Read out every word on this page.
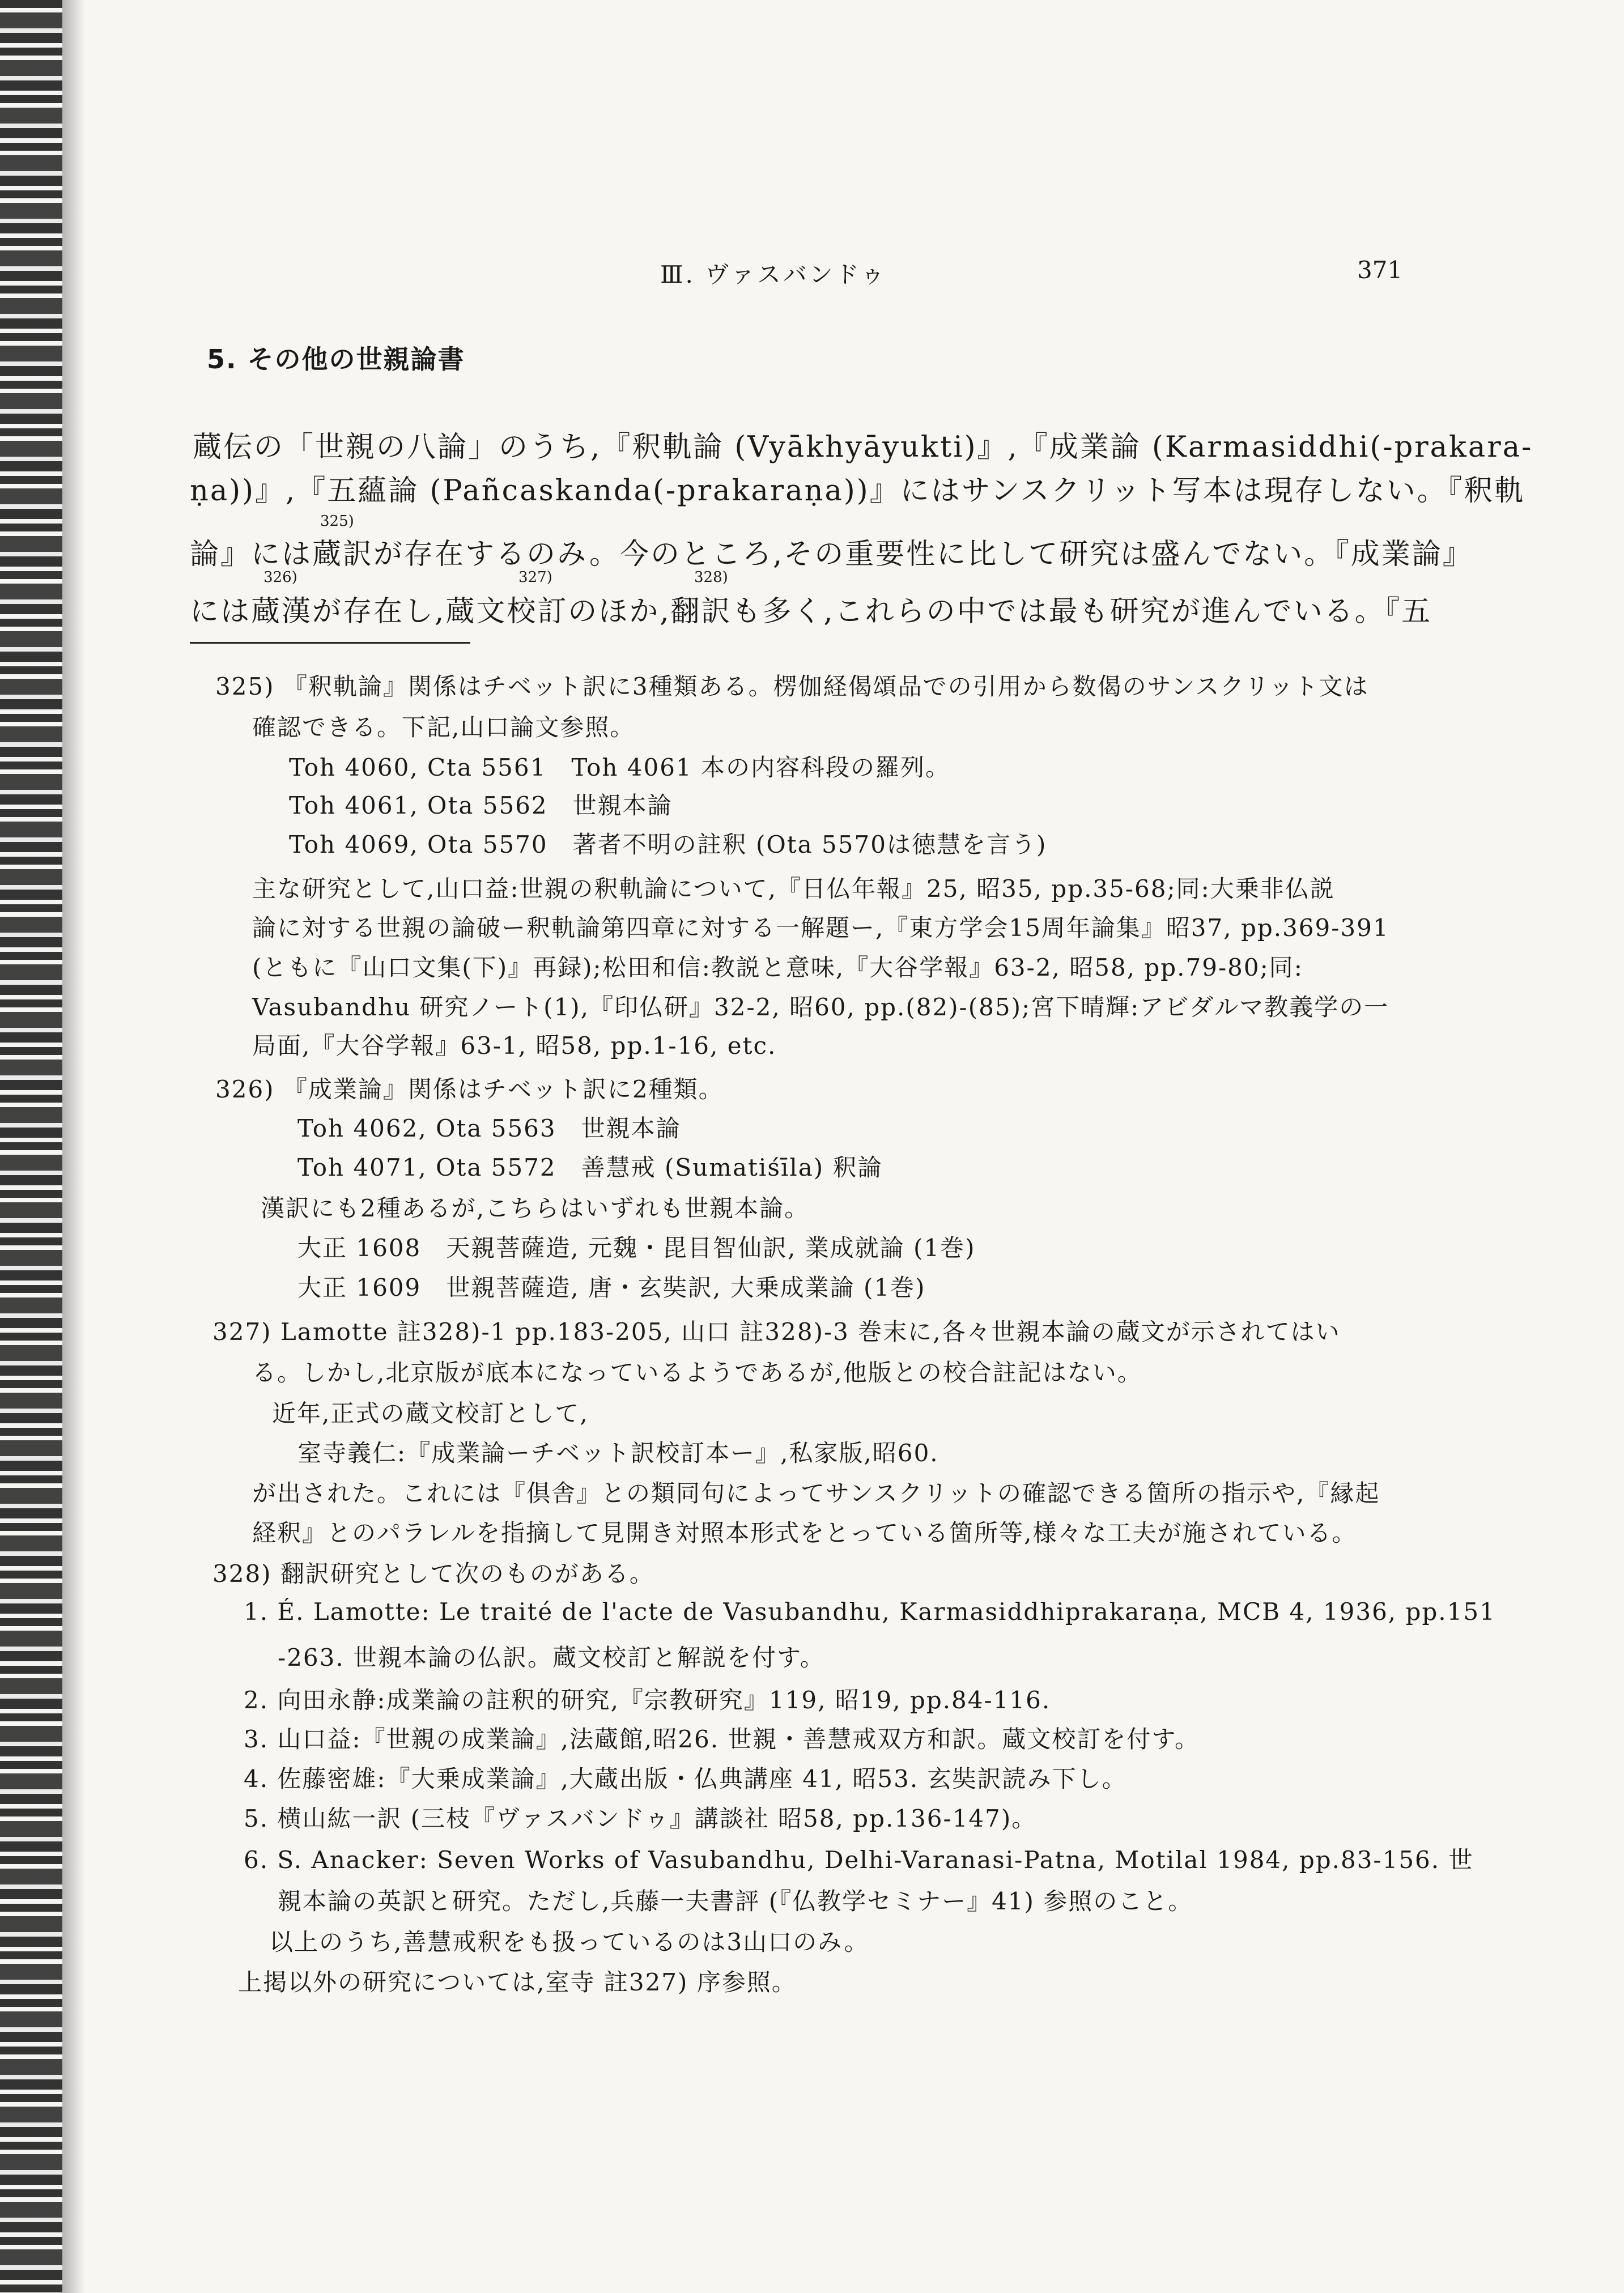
Ⅲ. ヴァスバンドゥ	371
5. その他の世親論書
蔵伝の「世親の八論」のうち,『釈軌論 (Vyākhyāyukti)』,『成業論 (Karmasiddhi(-prakara-
ṇa))』,『五蘊論 (Pañcaskanda(-prakaraṇa))』にはサンスクリット写本は現存しない。『釈軌
325)
論』には蔵訳が存在するのみ。今のところ,その重要性に比して研究は盛んでない。『成業論』
326)	327)	328)
には蔵漢が存在し,蔵文校訂のほか,翻訳も多く,これらの中では最も研究が進んでいる。『五
325) 『釈軌論』関係はチベット訳に3種類ある。楞伽経偈頌品での引用から数偈のサンスクリット文は
確認できる。下記,山口論文参照。
Toh 4060, Cta 5561　Toh 4061 本の内容科段の羅列。
Toh 4061, Ota 5562　世親本論
Toh 4069, Ota 5570　著者不明の註釈 (Ota 5570は徳慧を言う)
主な研究として,山口益:世親の釈軌論について,『日仏年報』25, 昭35, pp.35-68;同:大乗非仏説
論に対する世親の論破ー釈軌論第四章に対する一解題ー,『東方学会15周年論集』昭37, pp.369-391
(ともに『山口文集(下)』再録);松田和信:教説と意味,『大谷学報』63-2, 昭58, pp.79-80;同:
Vasubandhu 研究ノート(1),『印仏研』32-2, 昭60, pp.(82)-(85);宮下晴輝:アビダルマ教義学の一
局面,『大谷学報』63-1, 昭58, pp.1-16, etc.
326) 『成業論』関係はチベット訳に2種類。
Toh 4062, Ota 5563　世親本論
Toh 4071, Ota 5572　善慧戒 (Sumatiśīla) 釈論
漢訳にも2種あるが,こちらはいずれも世親本論。
大正 1608　天親菩薩造, 元魏・毘目智仙訳, 業成就論 (1巻)
大正 1609　世親菩薩造, 唐・玄奘訳, 大乗成業論 (1巻)
327) Lamotte 註328)-1 pp.183-205, 山口 註328)-3 巻末に,各々世親本論の蔵文が示されてはい
る。しかし,北京版が底本になっているようであるが,他版との校合註記はない。
近年,正式の蔵文校訂として,
室寺義仁:『成業論ーチベット訳校訂本ー』,私家版,昭60.
が出された。これには『倶舎』との類同句によってサンスクリットの確認できる箇所の指示や,『縁起
経釈』とのパラレルを指摘して見開き対照本形式をとっている箇所等,様々な工夫が施されている。
328) 翻訳研究として次のものがある。
1. É. Lamotte: Le traité de l'acte de Vasubandhu, Karmasiddhiprakaraṇa, MCB 4, 1936, pp.151
-263. 世親本論の仏訳。蔵文校訂と解説を付す。
2. 向田永静:成業論の註釈的研究,『宗教研究』119, 昭19, pp.84-116.
3. 山口益:『世親の成業論』,法蔵館,昭26. 世親・善慧戒双方和訳。蔵文校訂を付す。
4. 佐藤密雄:『大乗成業論』,大蔵出版・仏典講座 41, 昭53. 玄奘訳読み下し。
5. 横山紘一訳 (三枝『ヴァスバンドゥ』講談社 昭58, pp.136-147)。
6. S. Anacker: Seven Works of Vasubandhu, Delhi-Varanasi-Patna, Motilal 1984, pp.83-156. 世
親本論の英訳と研究。ただし,兵藤一夫書評 (『仏教学セミナー』41) 参照のこと。
以上のうち,善慧戒釈をも扱っているのは3山口のみ。
上掲以外の研究については,室寺 註327) 序参照。
